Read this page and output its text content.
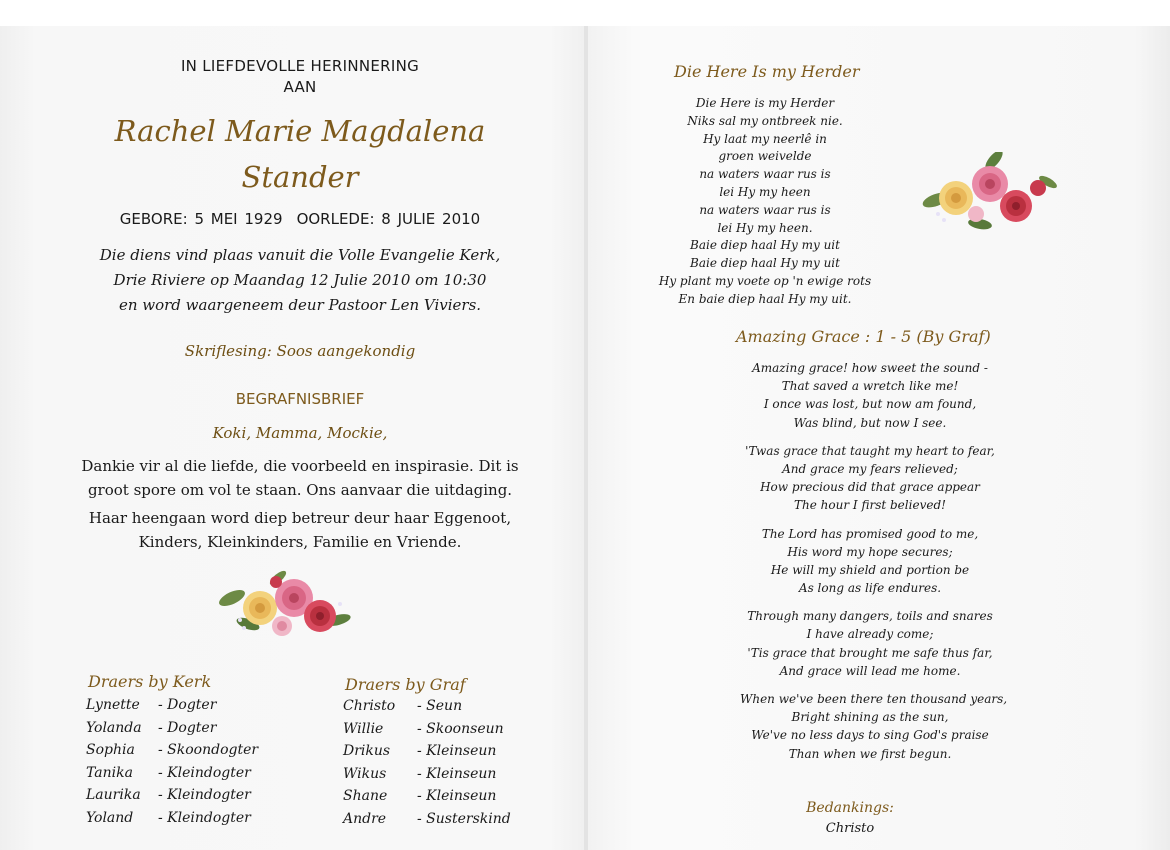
IN LIEFDEVOLLE HERINNERING
AAN
Rachel Marie Magdalena
Stander
GEBORE: 5 MEI 1929 OORLEDE: 8 JULIE 2010
Die diens vind plaas vanuit die Volle Evangelie Kerk,
Drie Riviere op Maandag 12 Julie 2010 om 10:30
en word waargeneem deur Pastoor Len Viviers.
Skriflesing: Soos aangekondig
BEGRAFNISBRIEF
Koki, Mamma, Mockie,
Dankie vir al die liefde, die voorbeeld en inspirasie. Dit is groot spore om vol te staan. Ons aanvaar die uitdaging.
Haar heengaan word diep betreur deur haar Eggenoot, Kinders, Kleinkinders, Familie en Vriende.
Draers by Kerk
Lynette - Dogter
Yolanda - Dogter
Sophia - Skoondogter
Tanika - Kleindogter
Laurika - Kleindogter
Yoland - Kleindogter
Draers by Graf
Christo - Seun
Willie - Skoonseun
Drikus - Kleinseun
Wikus - Kleinseun
Shane - Kleinseun
Andre - Susterskind
Die Here Is my Herder
Die Here is my Herder
Niks sal my ontbreek nie.
Hy laat my neerlê in
groen weivelde
na waters waar rus is
lei Hy my heen
na waters waar rus is
lei Hy my heen.
Baie diep haal Hy my uit
Baie diep haal Hy my uit
Hy plant my voete op 'n ewige rots
En baie diep haal Hy my uit.
Amazing Grace : 1 - 5 (By Graf)
Amazing grace! how sweet the sound -
That saved a wretch like me!
I once was lost, but now am found,
Was blind, but now I see.
'Twas grace that taught my heart to fear,
And grace my fears relieved;
How precious did that grace appear
The hour I first believed!
The Lord has promised good to me,
His word my hope secures;
He will my shield and portion be
As long as life endures.
Through many dangers, toils and snares
I have already come;
'Tis grace that brought me safe thus far,
And grace will lead me home.
When we've been there ten thousand years,
Bright shining as the sun,
We've no less days to sing God's praise
Than when we first begun.
Bedankings:
Christo
